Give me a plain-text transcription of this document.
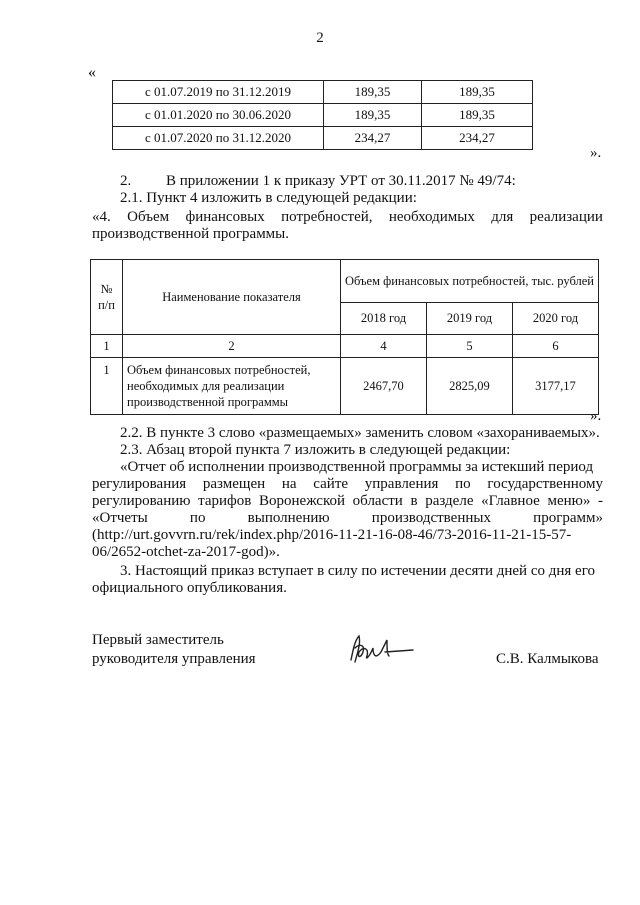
2
«
с 01.07.2019 по 31.12.2019	189,35	189,35
с 01.01.2020 по 30.06.2020	189,35	189,35
с 01.07.2020 по 31.12.2020	234,27	234,27
».
2. В приложении 1 к приказу УРТ от 30.11.2017 № 49/74:
2.1. Пункт 4 изложить в следующей редакции:
«4. Объем финансовых потребностей, необходимых для реализации
производственной программы.
№ п/п	Наименование показателя	Объем финансовых потребностей, тыс. рублей		
		2018 год	2019 год	2020 год
1	2	4	5	6
1	Объем финансовых потребностей, необходимых для реализации производственной программы	2467,70	2825,09	3177,17
».
2.2. В пункте 3 слово «размещаемых» заменить словом «захораниваемых».
2.3. Абзац второй пункта 7 изложить в следующей редакции:
«Отчет об исполнении производственной программы за истекший период
регулирования размещен на сайте управления по государственному
регулированию тарифов Воронежской области в разделе «Главное меню» -
«Отчеты по выполнению производственных программ»
(http://urt.govvrn.ru/rek/index.php/2016-11-21-16-08-46/73-2016-11-21-15-57-
06/2652-otchet-za-2017-god)».
3. Настоящий приказ вступает в силу по истечении десяти дней со дня его
официального опубликования.
Первый заместитель
руководителя управления	С.В. Калмыкова
